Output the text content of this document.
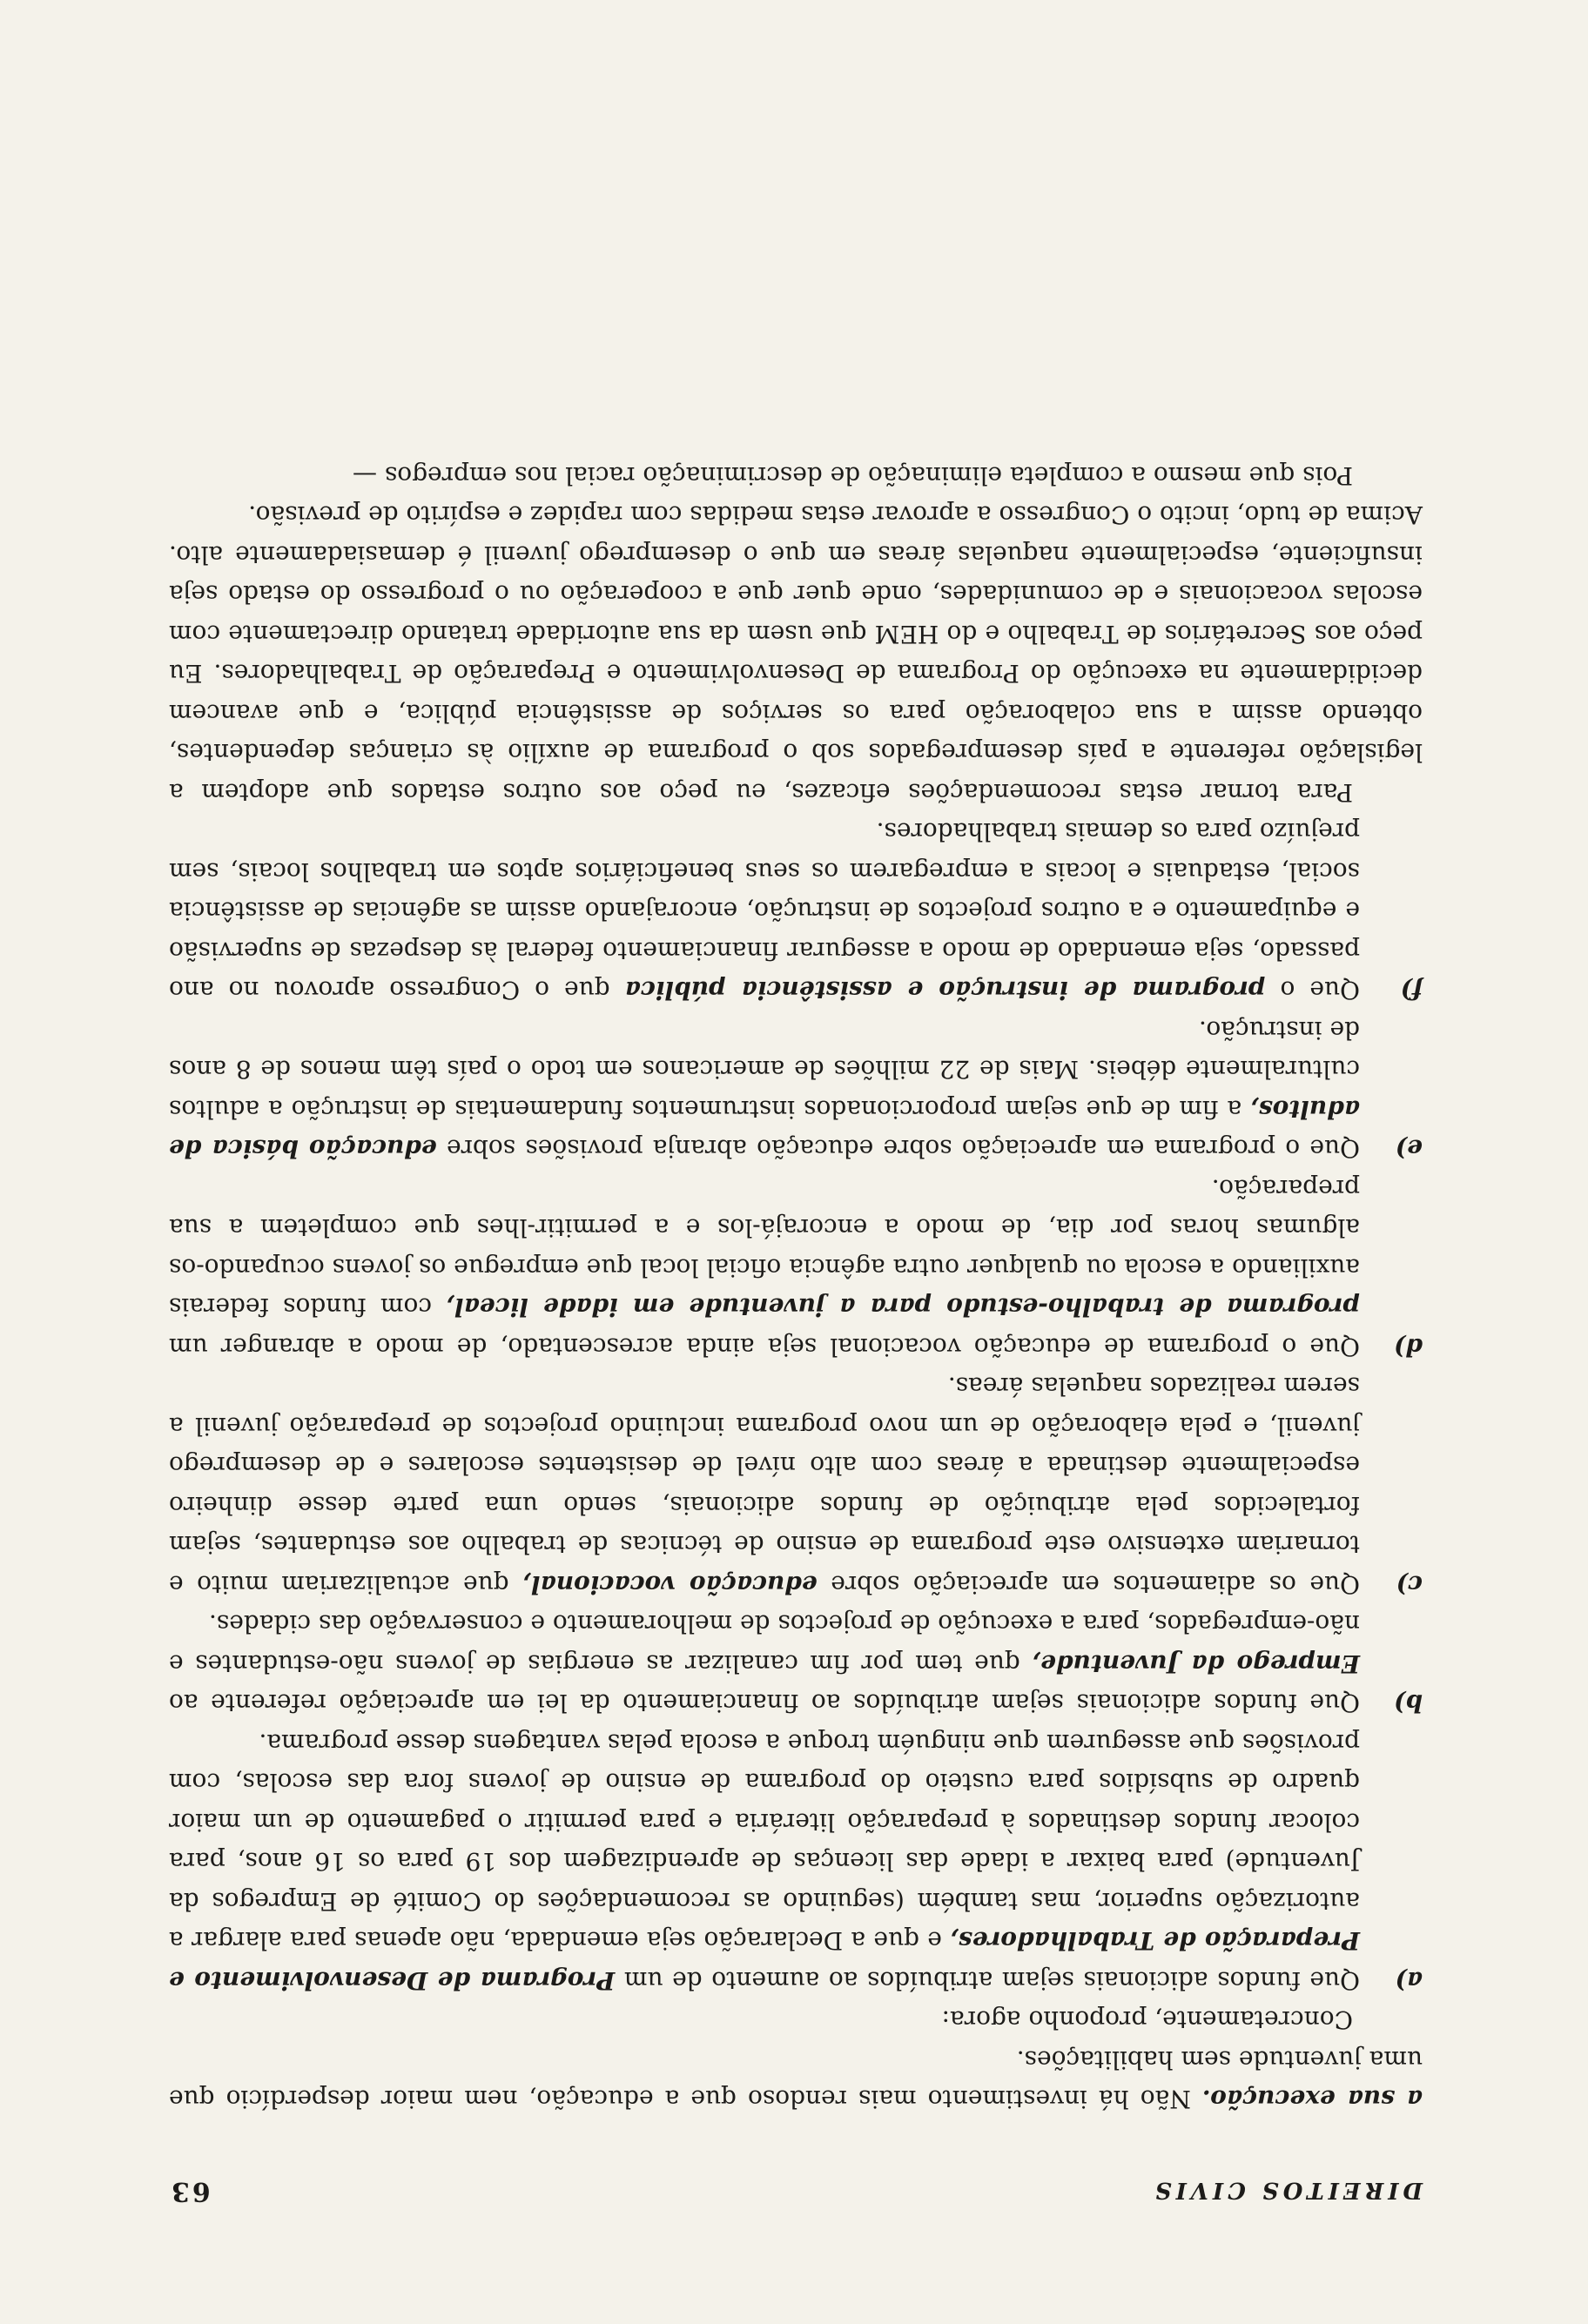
DIREITOS CIVIS
63

a sua execução. Não há investimento mais rendoso que a educação, nem maior desperdício que uma juventude sem habilitações.

Concretamente, proponho agora:

a)

Que fundos adicionais sejam atribuídos ao aumento de um Programa de Desenvolvimento e Preparação de Trabalhadores, e que a Declaração seja emendada, não apenas para alargar a autorização superior, mas também (seguindo as recomendações do Comité de Empregos da Juventude) para baixar a idade das licenças de aprendizagem dos 19 para os 16 anos, para colocar fundos destinados à preparação literária e para permitir o pagamento de um maior quadro de subsídios para custeio do programa de ensino de jovens fora das escolas, com provisões que assegurem que ninguém troque a escola pelas vantagens desse programa.

b)

Que fundos adicionais sejam atribuídos ao financiamento da lei em apreciação referente ao Emprego da Juventude, que tem por fim canalizar as energias de jovens não-estudantes e não-empregados, para a execução de projectos de melhoramento e conservação das cidades.

c)

Que os adiamentos em apreciação sobre educação vocacional, que actualizariam muito e tornariam extensivo este programa de ensino de técnicas de trabalho aos estudantes, sejam fortalecidos pela atribuição de fundos adicionais, sendo uma parte desse dinheiro especialmente destinada a áreas com alto nível de desistentes escolares e de desemprego juvenil, e pela elaboração de um novo programa incluindo projectos de preparação juvenil a serem realizados naquelas áreas.

d)

Que o programa de educação vocacional seja ainda acrescentado, de modo a abranger um programa de trabalho-estudo para a juventude em idade liceal, com fundos federais auxiliando a escola ou qualquer outra agência oficial local que empregue os jovens ocupando-os algumas horas por dia, de modo a encorajá-los e a permitir-lhes que completem a sua preparação.

e)

Que o programa em apreciação sobre educação abranja provisões sobre educação básica de adultos, a fim de que sejam proporcionados instrumentos fundamentais de instrução a adultos culturalmente débeis. Mais de 22 milhões de americanos em todo o país têm menos de 8 anos de instrução.

f)

Que o programa de instrução e assistência pública que o Congresso aprovou no ano passado, seja emendado de modo a assegurar financiamento federal às despezas de supervisão e equipamento e a outros projectos de instrução, encorajando assim as agências de assistência social, estaduais e locais a empregarem os seus beneficiários aptos em trabalhos locais, sem prejuízo para os demais trabalhadores.

Para tornar estas recomendações eficazes, eu peço aos outros estados que adoptem a legislação referente a país desempregados sob o programa de auxílio às crianças dependentes, obtendo assim a sua colaboração para os serviços de assistência pública, e que avancem decididamente na execução do Programa de Desenvolvimento e Preparação de Trabalhadores. Eu peço aos Secretários de Trabalho e do HEM que usem da sua autoridade tratando directamente com escolas vocacionais e de comunidades, onde quer que a cooperação ou o progresso do estado seja insuficiente, especialmente naquelas áreas em que o desemprego juvenil é demasiadamente alto. Acima de tudo, incito o Congresso a aprovar estas medidas com rapidez e espírito de previsão.

Pois que mesmo a completa eliminação de descriminação racial nos empregos —
